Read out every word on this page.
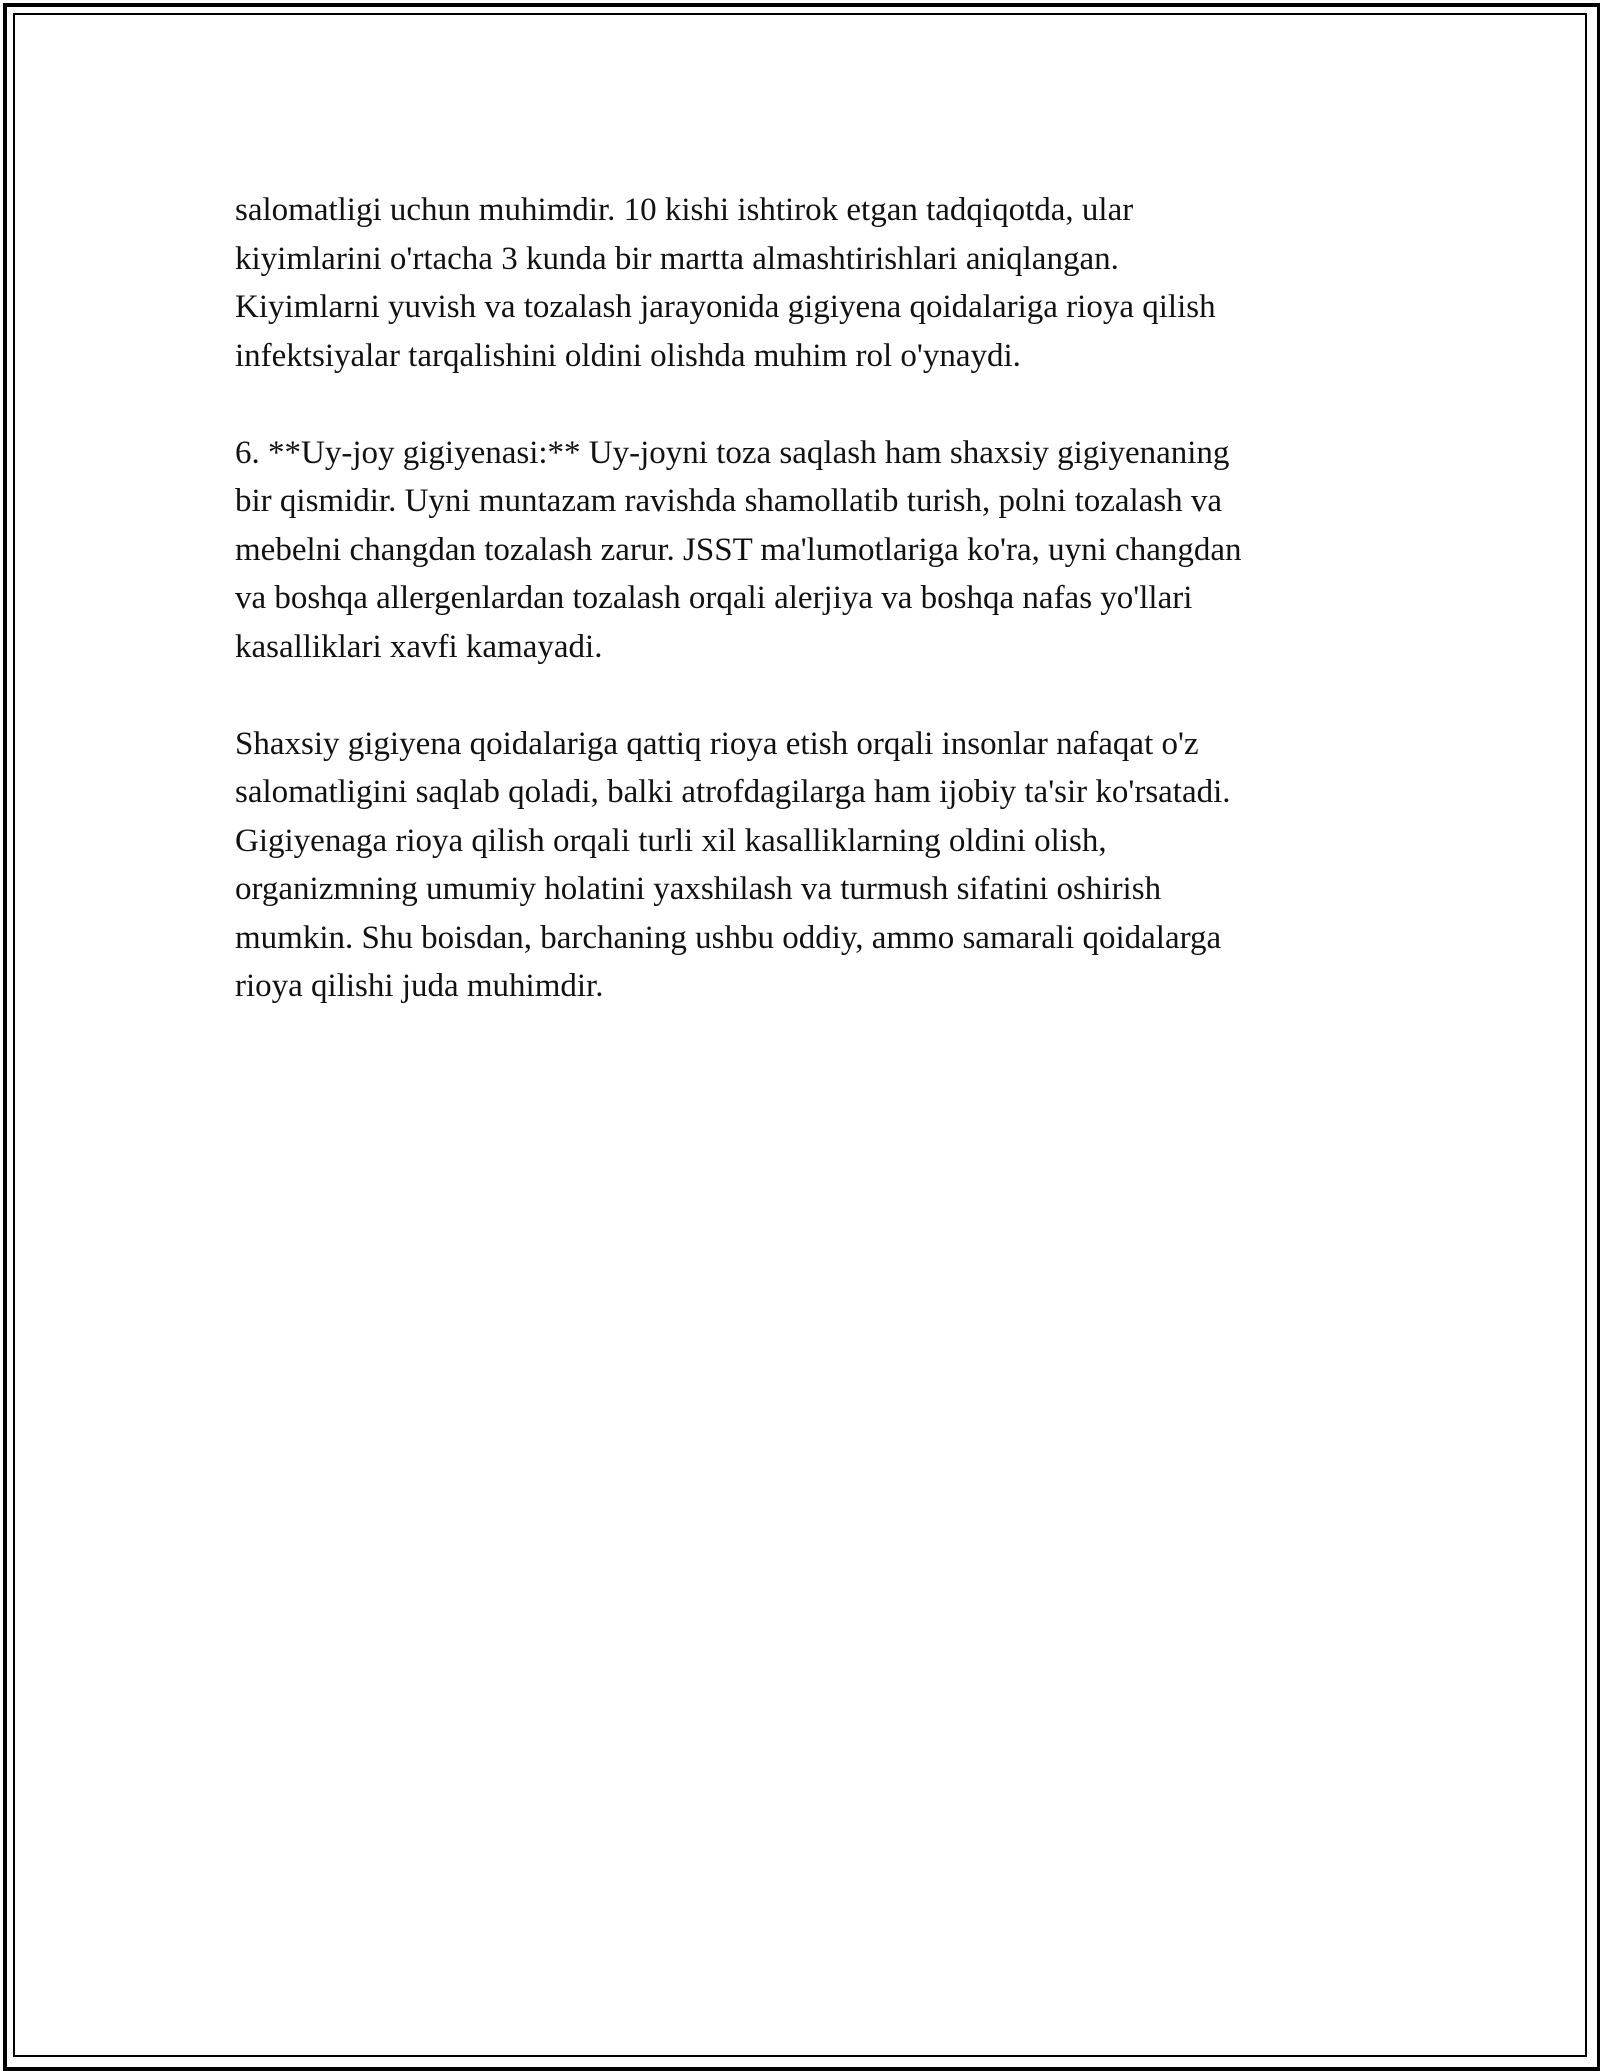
salomatligi uchun muhimdir. 10 kishi ishtirok etgan tadqiqotda, ular
kiyimlarini o'rtacha 3 kunda bir martta almashtirishlari aniqlangan.
Kiyimlarni yuvish va tozalash jarayonida gigiyena qoidalariga rioya qilish
infektsiyalar tarqalishini oldini olishda muhim rol o'ynaydi.

6. **Uy-joy gigiyenasi:** Uy-joyni toza saqlash ham shaxsiy gigiyenaning
bir qismidir. Uyni muntazam ravishda shamollatib turish, polni tozalash va
mebelni changdan tozalash zarur. JSST ma'lumotlariga ko'ra, uyni changdan
va boshqa allergenlardan tozalash orqali alerjiya va boshqa nafas yo'llari
kasalliklari xavfi kamayadi.

Shaxsiy gigiyena qoidalariga qattiq rioya etish orqali insonlar nafaqat o'z
salomatligini saqlab qoladi, balki atrofdagilarga ham ijobiy ta'sir ko'rsatadi.
Gigiyenaga rioya qilish orqali turli xil kasalliklarning oldini olish,
organizmning umumiy holatini yaxshilash va turmush sifatini oshirish
mumkin. Shu boisdan, barchaning ushbu oddiy, ammo samarali qoidalarga
rioya qilishi juda muhimdir.
